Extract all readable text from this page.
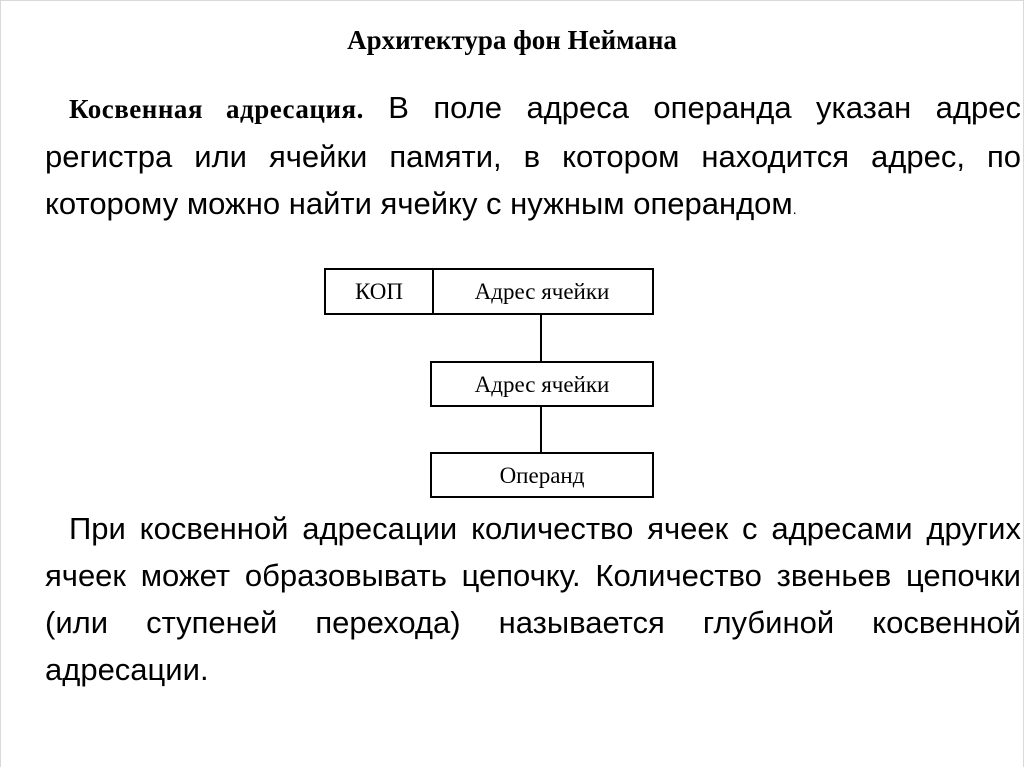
Архитектура фон Неймана
Косвенная адресация. В поле адреса операнда указан адрес регистра или ячейки памяти, в котором находится адрес, по которому можно найти ячейку с нужным операндом.
КОП	Адрес ячейки
Адрес ячейки
Операнд
При косвенной адресации количество ячеек с адресами других ячеек может образовывать цепочку. Количество звеньев цепочки (или ступеней перехода) называется глубиной косвенной адресации.
